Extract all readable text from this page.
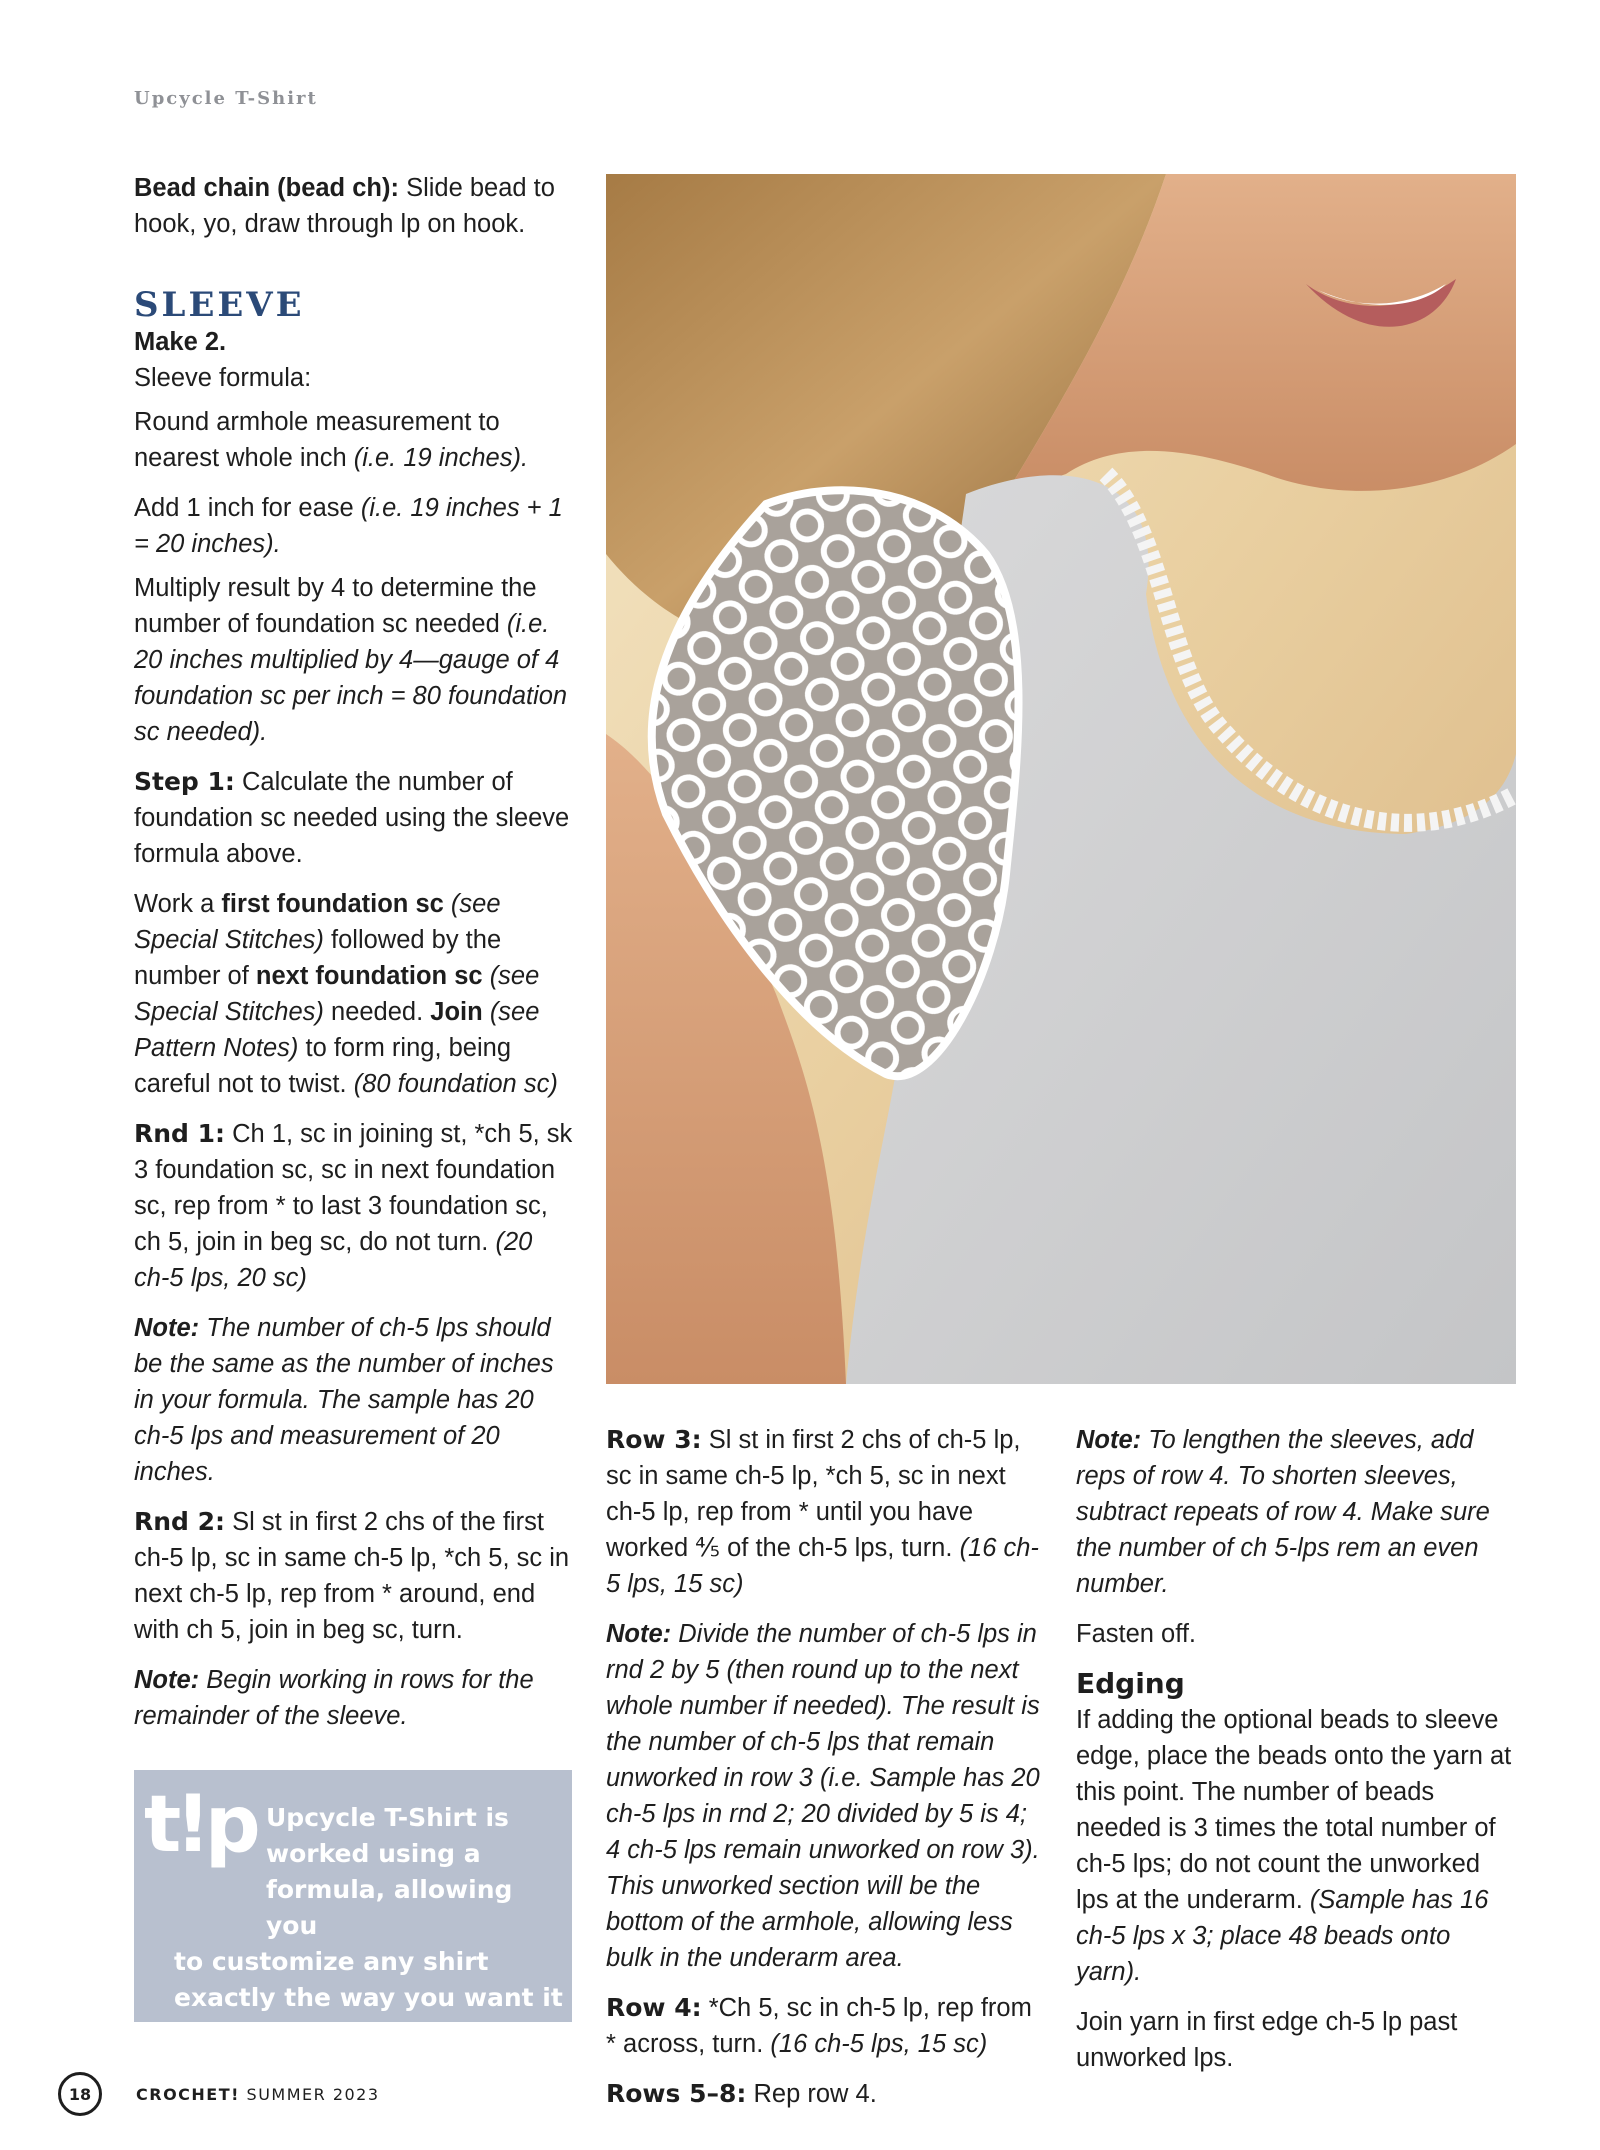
Upcycle T-Shirt

Bead chain (bead ch): Slide bead to hook, yo, draw through lp on hook.

SLEEVE

Make 2.

Sleeve formula:

Round armhole measurement to nearest whole inch (i.e. 19 inches).

Add 1 inch for ease (i.e. 19 inches + 1 = 20 inches).

Multiply result by 4 to determine the number of foundation sc needed (i.e. 20 inches multiplied by 4—gauge of 4 foundation sc per inch = 80 foundation sc needed).

Step 1: Calculate the number of foundation sc needed using the sleeve formula above.

Work a first foundation sc (see Special Stitches) followed by the number of next foundation sc (see Special Stitches) needed. Join (see Pattern Notes) to form ring, being careful not to twist. (80 foundation sc)

Rnd 1: Ch 1, sc in joining st, *ch 5, sk 3 foundation sc, sc in next foundation sc, rep from * to last 3 foundation sc, ch 5, join in beg sc, do not turn. (20 ch-5 lps, 20 sc)

Note: The number of ch-5 lps should be the same as the number of inches in your formula. The sample has 20 ch-5 lps and measurement of 20 inches.

Rnd 2: Sl st in first 2 chs of the first ch-5 lp, sc in same ch-5 lp, *ch 5, sc in next ch-5 lp, rep from * around, end with ch 5, join in beg sc, turn.

Note: Begin working in rows for the remainder of the sleeve.

t!p Upcycle T-Shirt is worked using a formula, allowing you
to customize any shirt exactly the way you want it to look.

Row 3: Sl st in first 2 chs of ch-5 lp, sc in same ch-5 lp, *ch 5, sc in next ch-5 lp, rep from * until you have worked ⅘ of the ch-5 lps, turn. (16 ch-5 lps, 15 sc)

Note: Divide the number of ch-5 lps in rnd 2 by 5 (then round up to the next whole number if needed). The result is the number of ch-5 lps that remain unworked in row 3 (i.e. Sample has 20 ch-5 lps in rnd 2; 20 divided by 5 is 4; 4 ch-5 lps remain unworked on row 3). This unworked section will be the bottom of the armhole, allowing less bulk in the underarm area.

Row 4: *Ch 5, sc in ch-5 lp, rep from * across, turn. (16 ch-5 lps, 15 sc)

Rows 5–8: Rep row 4.

Note: To lengthen the sleeves, add reps of row 4. To shorten sleeves, subtract repeats of row 4. Make sure the number of ch 5-lps rem an even number.

Fasten off.

Edging

If adding the optional beads to sleeve edge, place the beads onto the yarn at this point. The number of beads needed is 3 times the total number of ch-5 lps; do not count the unworked lps at the underarm. (Sample has 16 ch-5 lps x 3; place 48 beads onto yarn).

Join yarn in first edge ch-5 lp past unworked lps.

18	CROCHET! SUMMER 2023
